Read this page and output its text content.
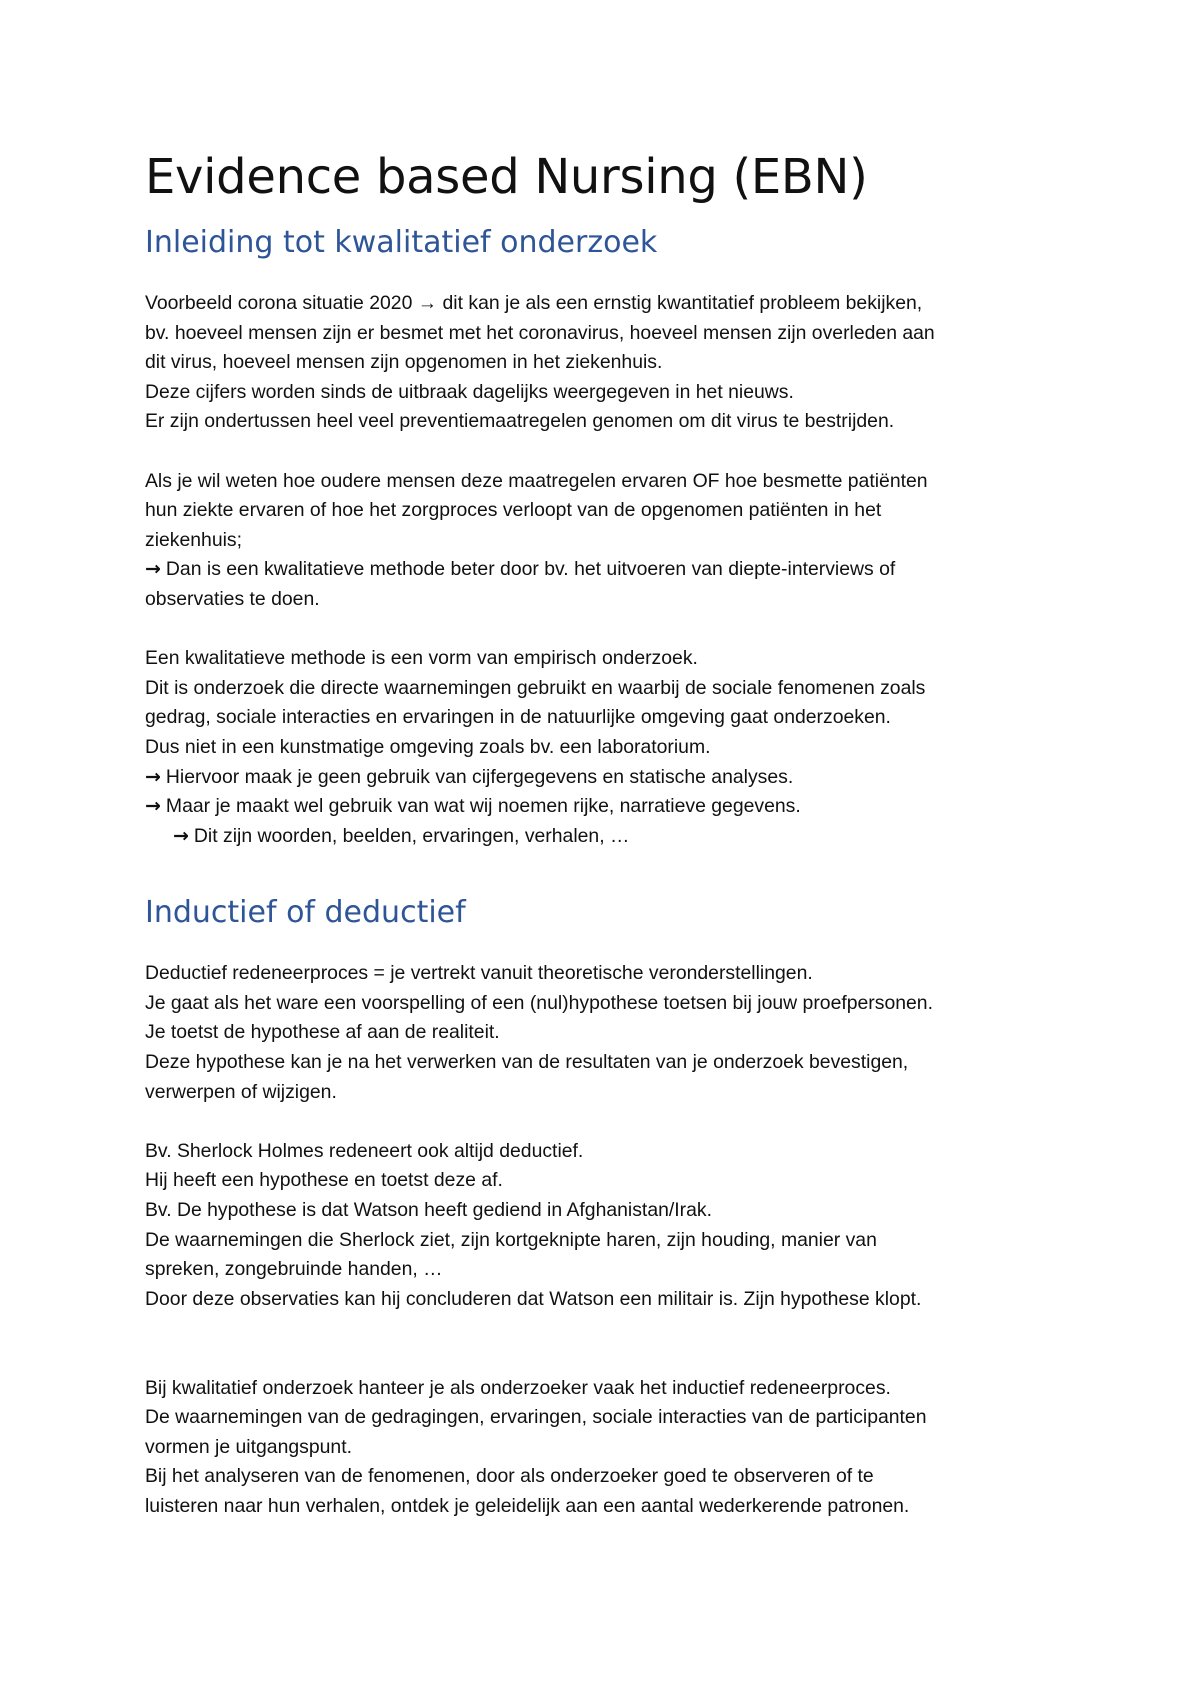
Evidence based Nursing (EBN)
Inleiding tot kwalitatief onderzoek
Voorbeeld corona situatie 2020 → dit kan je als een ernstig kwantitatief probleem bekijken,
bv. hoeveel mensen zijn er besmet met het coronavirus, hoeveel mensen zijn overleden aan
dit virus, hoeveel mensen zijn opgenomen in het ziekenhuis.
Deze cijfers worden sinds de uitbraak dagelijks weergegeven in het nieuws.
Er zijn ondertussen heel veel preventiemaatregelen genomen om dit virus te bestrijden.
Als je wil weten hoe oudere mensen deze maatregelen ervaren OF hoe besmette patiënten
hun ziekte ervaren of hoe het zorgproces verloopt van de opgenomen patiënten in het
ziekenhuis;
→ Dan is een kwalitatieve methode beter door bv. het uitvoeren van diepte-interviews of
observaties te doen.
Een kwalitatieve methode is een vorm van empirisch onderzoek.
Dit is onderzoek die directe waarnemingen gebruikt en waarbij de sociale fenomenen zoals
gedrag, sociale interacties en ervaringen in de natuurlijke omgeving gaat onderzoeken.
Dus niet in een kunstmatige omgeving zoals bv. een laboratorium.
→ Hiervoor maak je geen gebruik van cijfergegevens en statische analyses.
→ Maar je maakt wel gebruik van wat wij noemen rijke, narratieve gegevens.
→ Dit zijn woorden, beelden, ervaringen, verhalen, …
Inductief of deductief
Deductief redeneerproces = je vertrekt vanuit theoretische veronderstellingen.
Je gaat als het ware een voorspelling of een (nul)hypothese toetsen bij jouw proefpersonen.
Je toetst de hypothese af aan de realiteit.
Deze hypothese kan je na het verwerken van de resultaten van je onderzoek bevestigen,
verwerpen of wijzigen.
Bv. Sherlock Holmes redeneert ook altijd deductief.
Hij heeft een hypothese en toetst deze af.
Bv. De hypothese is dat Watson heeft gediend in Afghanistan/Irak.
De waarnemingen die Sherlock ziet, zijn kortgeknipte haren, zijn houding, manier van
spreken, zongebruinde handen, …
Door deze observaties kan hij concluderen dat Watson een militair is. Zijn hypothese klopt.
Bij kwalitatief onderzoek hanteer je als onderzoeker vaak het inductief redeneerproces.
De waarnemingen van de gedragingen, ervaringen, sociale interacties van de participanten
vormen je uitgangspunt.
Bij het analyseren van de fenomenen, door als onderzoeker goed te observeren of te
luisteren naar hun verhalen, ontdek je geleidelijk aan een aantal wederkerende patronen.
